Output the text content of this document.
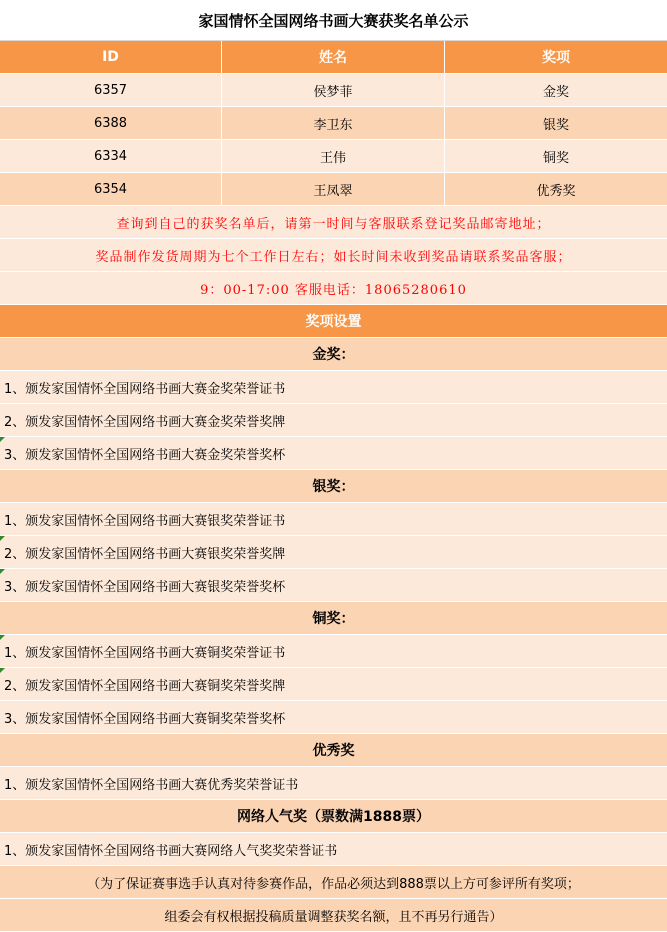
家国情怀全国网络书画大赛获奖名单公示
ID	姓名	奖项
6357	侯梦菲	金奖
6388	李卫东	银奖
6334	王伟	铜奖
6354	王凤翠	优秀奖
查询到自己的获奖名单后，请第一时间与客服联系登记奖品邮寄地址；
奖品制作发货周期为七个工作日左右；如长时间未收到奖品请联系奖品客服；
9：00-17:00 客服电话：18065280610
奖项设置
金奖：
1、颁发家国情怀全国网络书画大赛金奖荣誉证书
2、颁发家国情怀全国网络书画大赛金奖荣誉奖牌
3、颁发家国情怀全国网络书画大赛金奖荣誉奖杯
银奖：
1、颁发家国情怀全国网络书画大赛银奖荣誉证书
2、颁发家国情怀全国网络书画大赛银奖荣誉奖牌
3、颁发家国情怀全国网络书画大赛银奖荣誉奖杯
铜奖：
1、颁发家国情怀全国网络书画大赛铜奖荣誉证书
2、颁发家国情怀全国网络书画大赛铜奖荣誉奖牌
3、颁发家国情怀全国网络书画大赛铜奖荣誉奖杯
优秀奖
1、颁发家国情怀全国网络书画大赛优秀奖荣誉证书
网络人气奖（票数满1888票）
1、颁发家国情怀全国网络书画大赛网络人气奖奖荣誉证书
（为了保证赛事选手认真对待参赛作品，作品必须达到888票以上方可参评所有奖项；
组委会有权根据投稿质量调整获奖名额，且不再另行通告）
